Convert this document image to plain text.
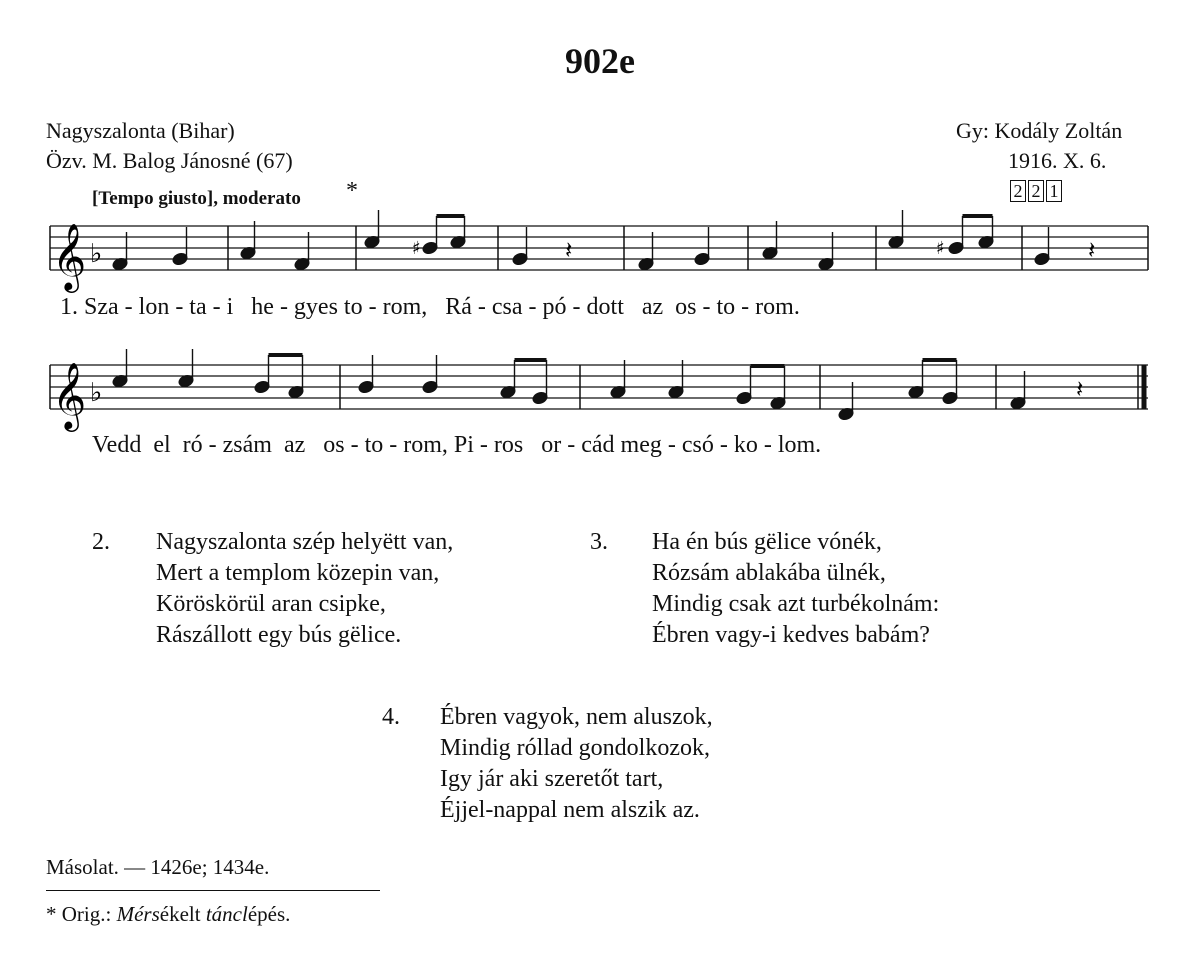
902e
Nagyszalonta (Bihar)
Özv. M. Balog Jánosné (67)
Gy: Kodály Zoltán
1916. X. 6.
2 2 1
[Tempo giusto], moderato *
𝄞 ♭	♯	♯
𝄽	𝄽
1. Sza - lon - ta - i   he - gyes to - rom,   Rá - csa - pó - dott   az  os - to - rom.
𝄞 ♭	𝄽
Vedd  el  ró - zsám  az   os - to - rom, Pi - ros   or - cád meg - csó - ko - lom.
2. Nagyszalonta szép helyëtt van,
Mert a templom közepin van,
Köröskörül aran csipke,
Rászállott egy bús gëlice.
3. Ha én bús gëlice vónék,
Rózsám ablakába ülnék,
Mindig csak azt turbékolnám:
Ébren vagy-i kedves babám?
4. Ébren vagyok, nem aluszok,
Mindig róllad gondolkozok,
Igy jár aki szeretőt tart,
Éjjel-nappal nem alszik az.
Másolat. — 1426e; 1434e.
* Orig.: Mérsékelt tánclépés.
